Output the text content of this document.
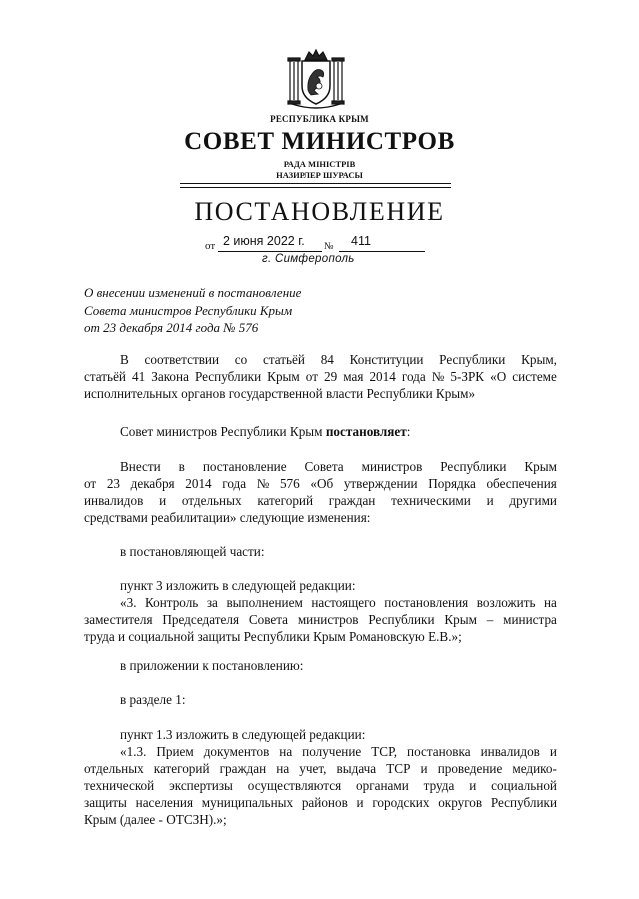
РЕСПУБЛИКА КРЫМ
СОВЕТ МИНИСТРОВ
РАДА МІНІСТРІВ
НАЗИРЛЕР ШУРАСЫ
ПОСТАНОВЛЕНИЕ
от 2 июня 2022 г. № 411
г. Симферополь
О внесении изменений в постановление
Совета министров Республики Крым
от 23 декабря 2014 года № 576
В соответствии со статьёй 84 Конституции Республики Крым,
статьёй 41 Закона Республики Крым от 29 мая 2014 года № 5-ЗРК «О системе
исполнительных органов государственной власти Республики Крым»
Совет министров Республики Крым постановляет:
Внести в постановление Совета министров Республики Крым
от 23 декабря 2014 года № 576 «Об утверждении Порядка обеспечения
инвалидов и отдельных категорий граждан техническими и другими
средствами реабилитации» следующие изменения:
в постановляющей части:
пункт 3 изложить в следующей редакции:
«3. Контроль за выполнением настоящего постановления возложить на
заместителя Председателя Совета министров Республики Крым – министра
труда и социальной защиты Республики Крым Романовскую Е.В.»;
в приложении к постановлению:
в разделе 1:
пункт 1.3 изложить в следующей редакции:
«1.3. Прием документов на получение ТСР, постановка инвалидов и
отдельных категорий граждан на учет, выдача ТСР и проведение медико-
технической экспертизы осуществляются органами труда и социальной
защиты населения муниципальных районов и городских округов Республики
Крым (далее - ОТСЗН).»;
